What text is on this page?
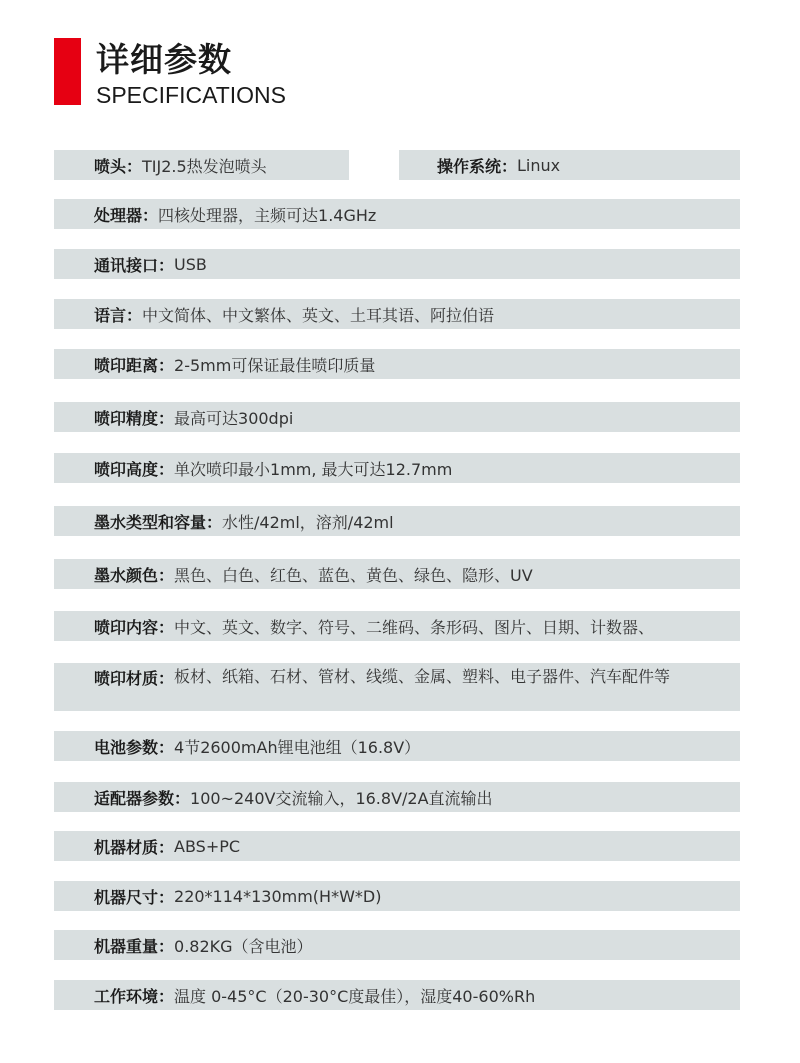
详细参数
SPECIFICATIONS
喷头： TIJ2.5热发泡喷头	操作系统： Linux
处理器： 四核处理器，主频可达1.4GHz
通讯接口： USB
语言： 中文简体、中文繁体、英文、土耳其语、阿拉伯语
喷印距离： 2-5mm可保证最佳喷印质量
喷印精度： 最高可达300dpi
喷印高度： 单次喷印最小1mm, 最大可达12.7mm
墨水类型和容量： 水性/42ml，溶剂/42ml
墨水颜色： 黑色、白色、红色、蓝色、黄色、绿色、隐形、UV
喷印内容： 中文、英文、数字、符号、二维码、条形码、图片、日期、计数器、
喷印材质： 板材、纸箱、石材、管材、线缆、金属、塑料、电子器件、汽车配件等
电池参数： 4节2600mAh锂电池组（16.8V）
适配器参数： 100~240V交流输入，16.8V/2A直流输出
机器材质： ABS+PC
机器尺寸： 220*114*130mm(H*W*D)
机器重量： 0.82KG（含电池）
工作环境： 温度 0-45°C（20-30°C度最佳），湿度40-60%Rh
